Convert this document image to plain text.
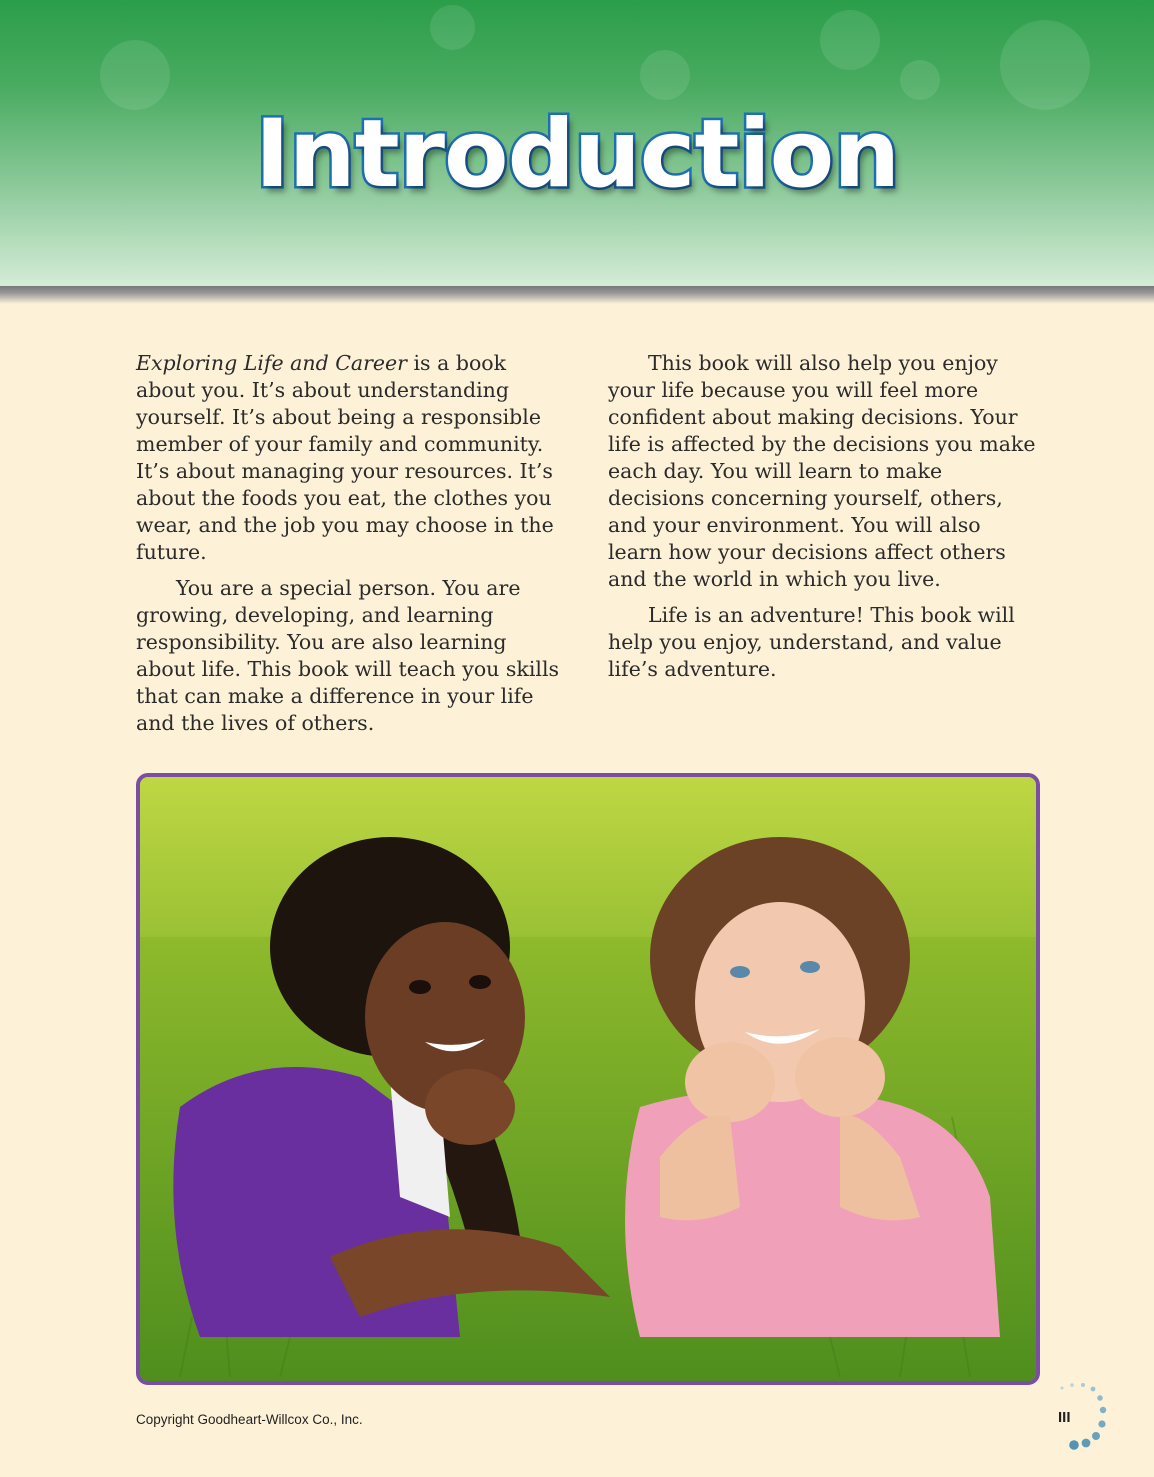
Introduction

Exploring Life and Career is a book about you. It’s about understanding yourself. It’s about being a responsible member of your family and community. It’s about managing your resources. It’s about the foods you eat, the clothes you wear, and the job you may choose in the future.

You are a special person. You are growing, developing, and learning responsibility. You are also learning about life. This book will teach you skills that can make a difference in your life and the lives of others.

This book will also help you enjoy your life because you will feel more confident about making decisions. Your life is affected by the decisions you make each day. You will learn to make decisions concerning yourself, others, and your environment. You will also learn how your decisions affect others and the world in which you live.

Life is an adventure! This book will help you enjoy, understand, and value life’s adventure.

Copyright Goodheart-Willcox Co., Inc.	III
